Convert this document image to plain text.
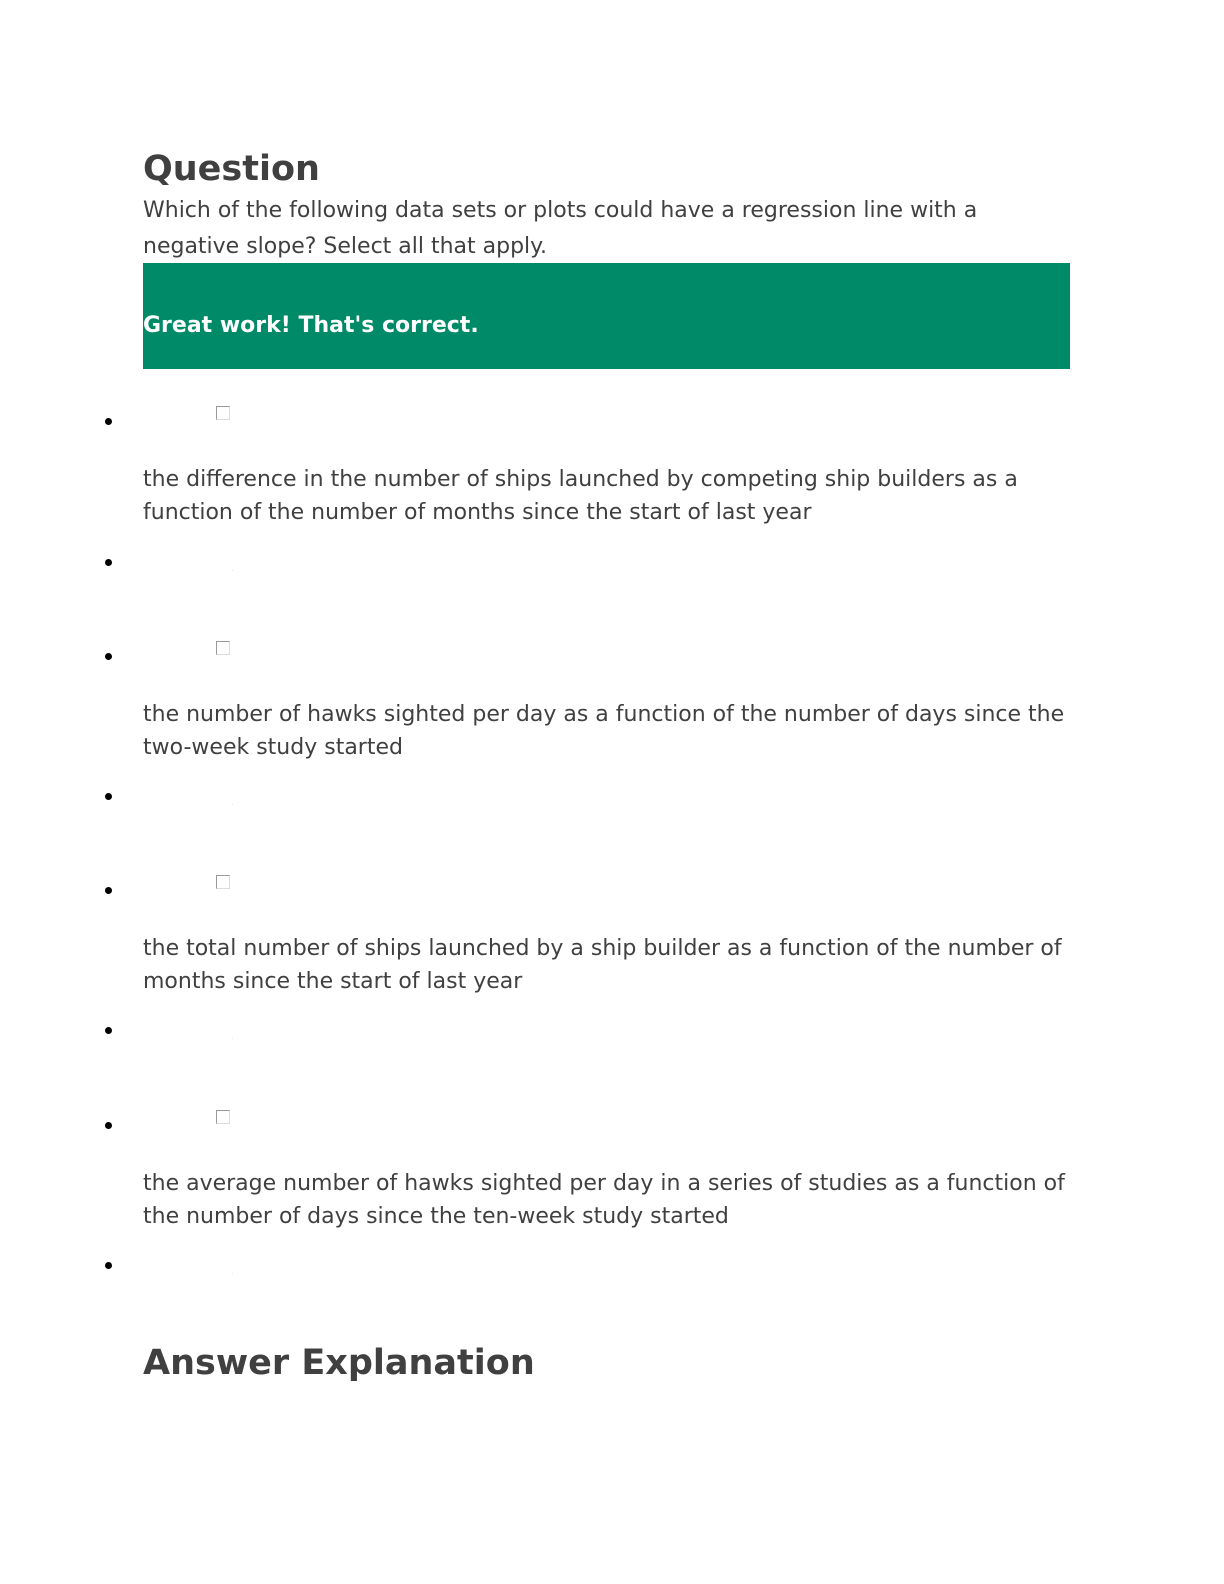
Question
Which of the following data sets or plots could have a regression line with a negative slope? Select all that apply.
Great work! That's correct.
the difference in the number of ships launched by competing ship builders as a function of the number of months since the start of last year
the number of hawks sighted per day as a function of the number of days since the two-week study started
the total number of ships launched by a ship builder as a function of the number of months since the start of last year
the average number of hawks sighted per day in a series of studies as a function of the number of days since the ten-week study started
Answer Explanation
